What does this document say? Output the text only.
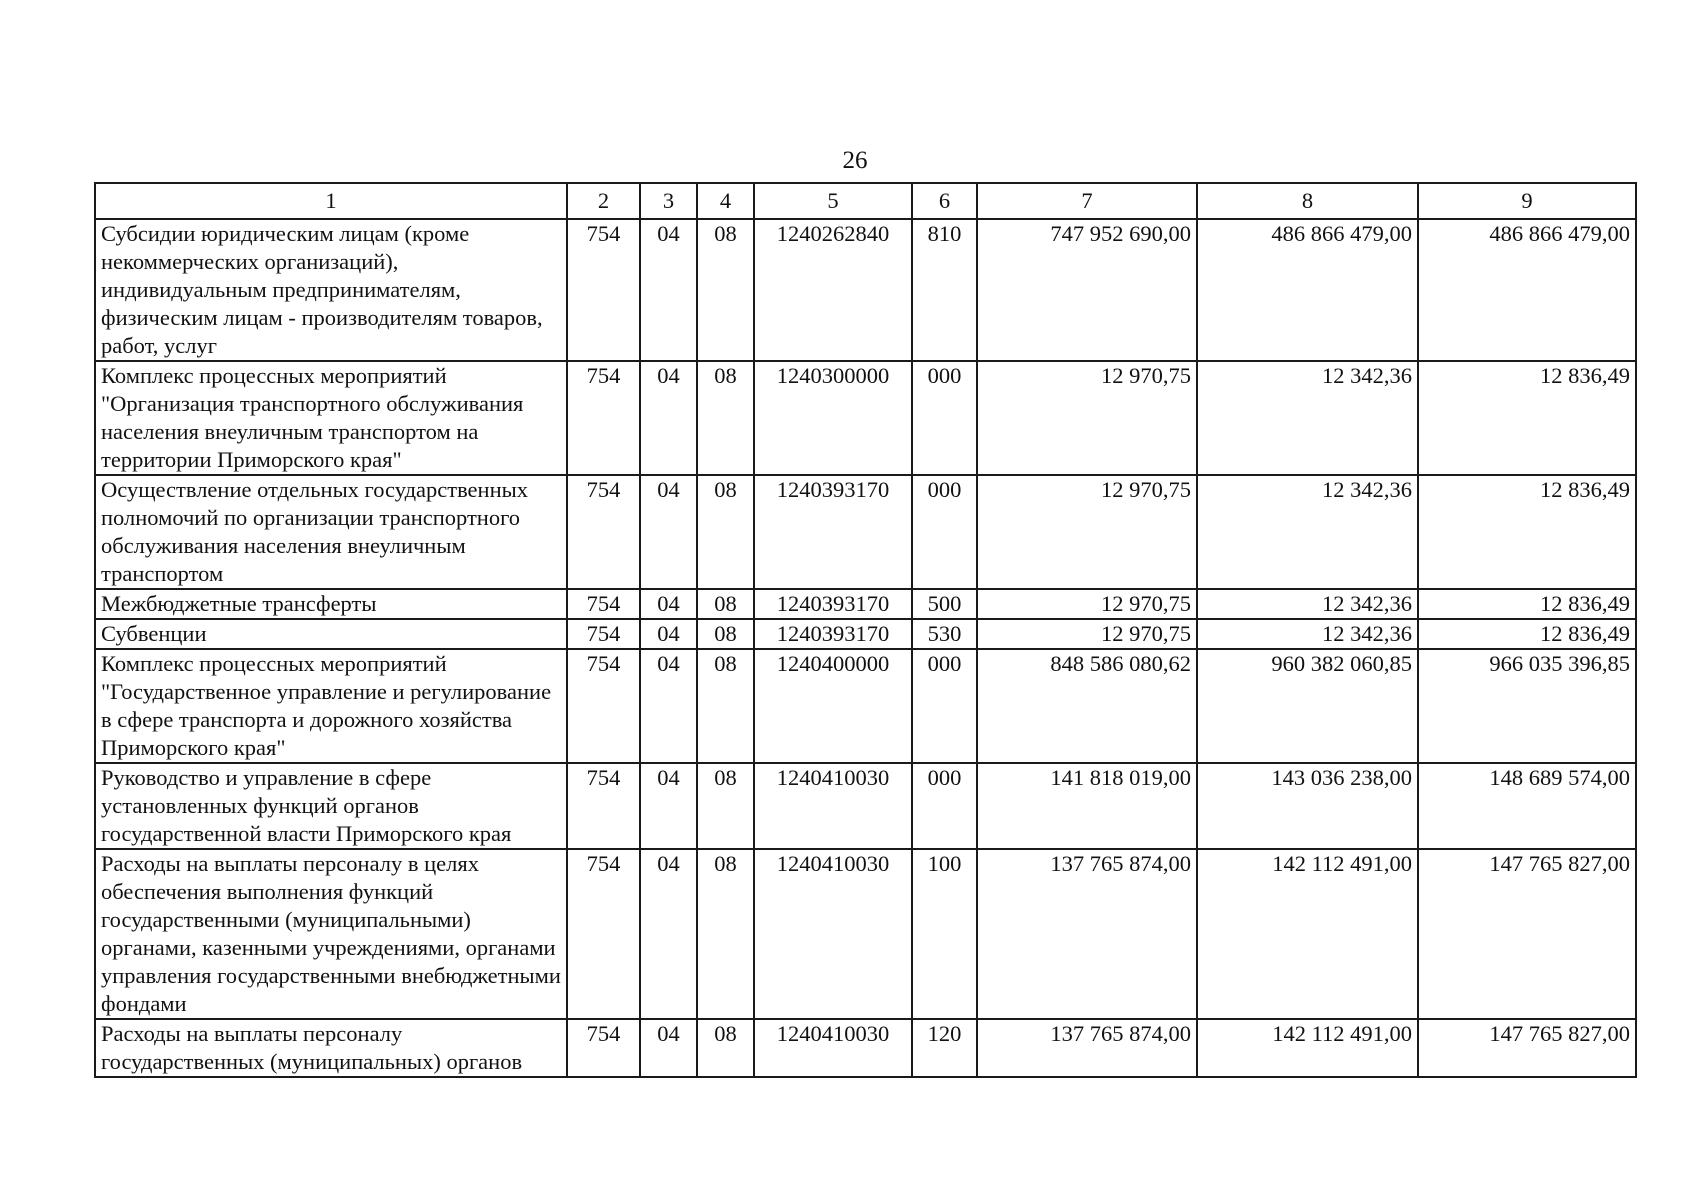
26
1	2	3	4	5	6	7	8	9
Субсидии юридическим лицам (кроме некоммерческих организаций), индивидуальным предпринимателям, физическим лицам - производителям товаров, работ, услуг	754	04	08	1240262840	810	747 952 690,00	486 866 479,00	486 866 479,00
Комплекс процессных мероприятий "Организация транспортного обслуживания населения внеуличным транспортом на территории Приморского края"	754	04	08	1240300000	000	12 970,75	12 342,36	12 836,49
Осуществление отдельных государственных полномочий по организации транспортного обслуживания населения внеуличным транспортом	754	04	08	1240393170	000	12 970,75	12 342,36	12 836,49
Межбюджетные трансферты	754	04	08	1240393170	500	12 970,75	12 342,36	12 836,49
Субвенции	754	04	08	1240393170	530	12 970,75	12 342,36	12 836,49
Комплекс процессных мероприятий "Государственное управление и регулирование в сфере транспорта и дорожного хозяйства Приморского края"	754	04	08	1240400000	000	848 586 080,62	960 382 060,85	966 035 396,85
Руководство и управление в сфере установленных функций органов государственной власти Приморского края	754	04	08	1240410030	000	141 818 019,00	143 036 238,00	148 689 574,00
Расходы на выплаты персоналу в целях обеспечения выполнения функций государственными (муниципальными) органами, казенными учреждениями, органами управления государственными внебюджетными фондами	754	04	08	1240410030	100	137 765 874,00	142 112 491,00	147 765 827,00
Расходы на выплаты персоналу государственных (муниципальных) органов	754	04	08	1240410030	120	137 765 874,00	142 112 491,00	147 765 827,00
